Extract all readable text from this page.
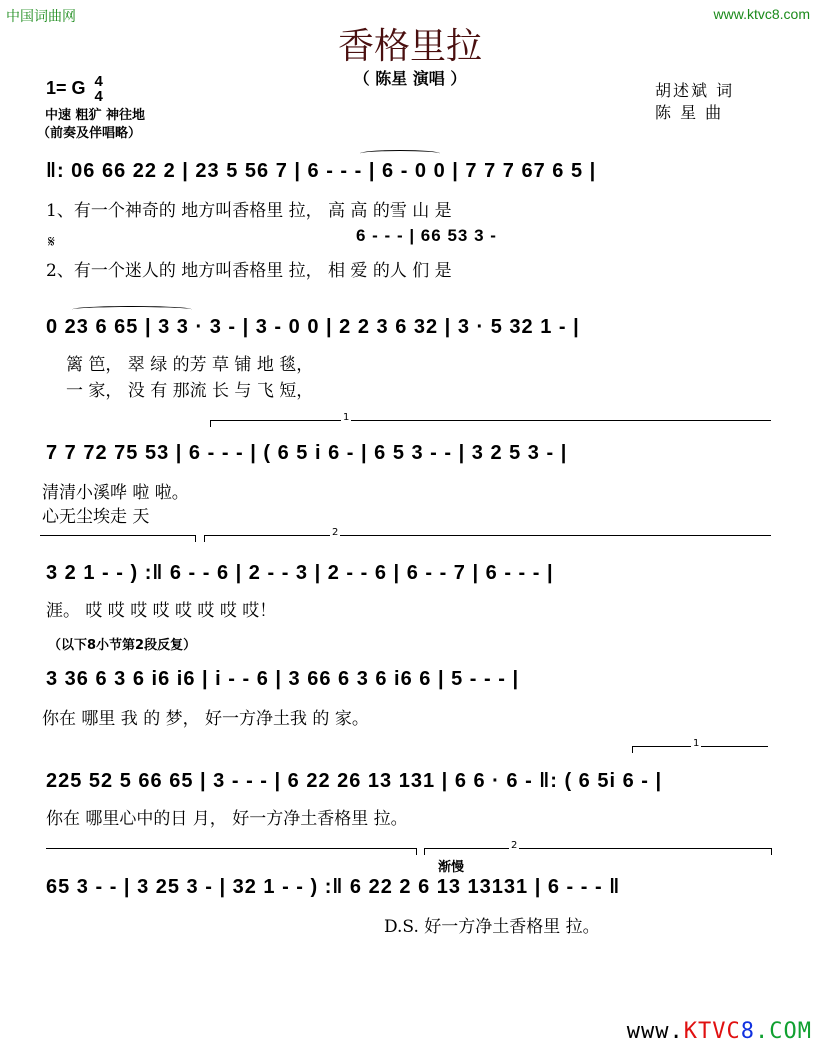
中国词曲网	www.ktvc8.com
香格里拉
（ 陈星 演唱 ）
1= G 4
4
中速 粗犷 神往地
（前奏及伴唱略）
胡述斌 词
陈 星 曲
‖: 06 66 22 2 | 23 5 56 7 | 6 - - - | 6 - 0 0 | 7 7 7 67 6 5 |
1、有一个神奇的 地方叫香格里 拉， 高 高 的雪 山 是
𝄋	6 - - - | 66 53 3 -
2、有一个迷人的 地方叫香格里 拉， 相 爱 的人 们 是
0 23 6 65 | 3 3 · 3 - | 3 - 0 0 | 2 2 3 6 32 | 3 · 5 32 1 - |
篱 笆， 翠 绿 的芳 草 铺 地 毯，
一 家， 没 有 那流 长 与 飞 短，
1
7 7 72 75 53 | 6 - - - | ( 6 5 i 6 - | 6 5 3 - - | 3 2 5 3 - |
清清小溪哗 啦 啦。
心无尘埃走 天
2
3 2 1 - - ) :‖ 6 - - 6 | 2 - - 3 | 2 - - 6 | 6 - - 7 | 6 - - - |
涯。 哎 哎 哎 哎 哎 哎 哎 哎！
（以下8小节第2段反复）
3 36 6 3 6 i6 i6 | i - - 6 | 3 66 6 3 6 i6 6 | 5 - - - |
你在 哪里 我 的 梦， 好一方净土我 的 家。
1
225 52 5 66 65 | 3 - - - | 6 22 26 13 131 | 6 6 · 6 - ‖: ( 6 5i 6 - |
你在 哪里心中的日 月， 好一方净土香格里 拉。
2
渐慢
65 3 - - | 3 25 3 - | 32 1 - - ) :‖ 6 22 2 6 13 13131 | 6 - - - ‖
D.S. 好一方净土香格里 拉。
www.KTVC8.COM
